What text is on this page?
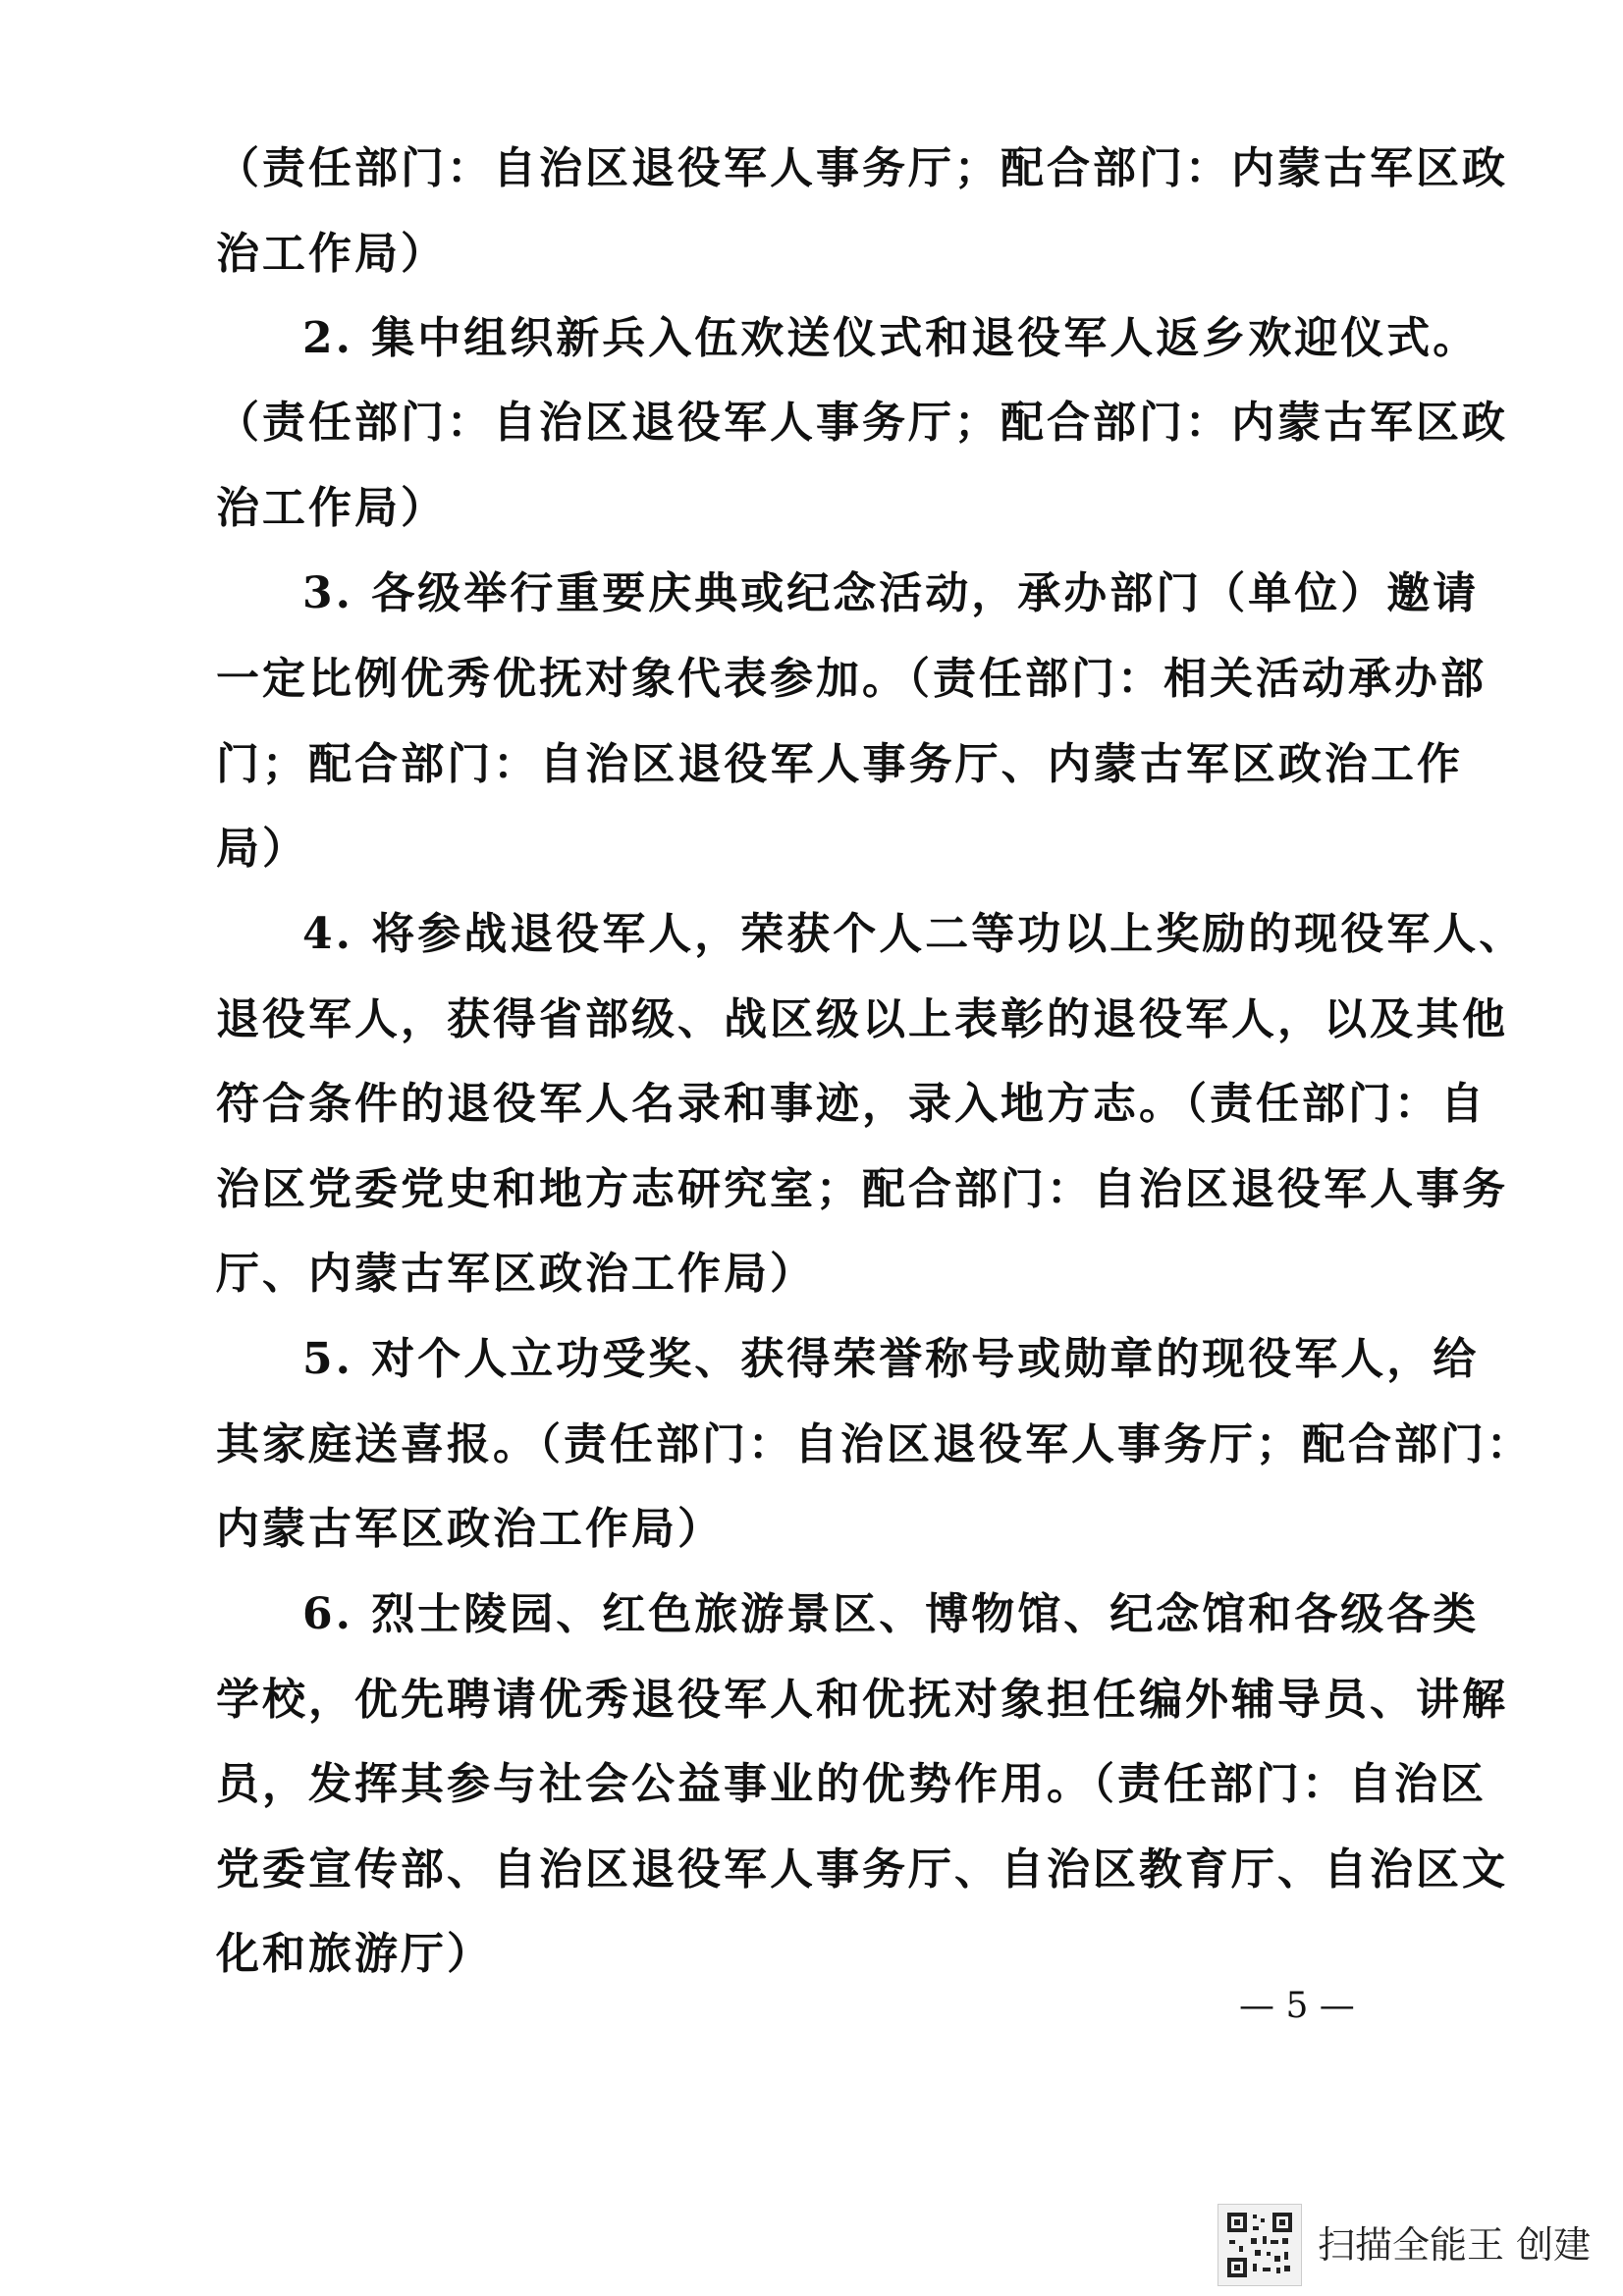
（责任部门：自治区退役军人事务厅；配合部门：内蒙古军区政
治工作局）
2. 集中组织新兵入伍欢送仪式和退役军人返乡欢迎仪式。
（责任部门：自治区退役军人事务厅；配合部门：内蒙古军区政
治工作局）
3. 各级举行重要庆典或纪念活动，承办部门（单位）邀请
一定比例优秀优抚对象代表参加。（责任部门：相关活动承办部
门；配合部门：自治区退役军人事务厅、内蒙古军区政治工作
局）
4. 将参战退役军人，荣获个人二等功以上奖励的现役军人、
退役军人，获得省部级、战区级以上表彰的退役军人，以及其他
符合条件的退役军人名录和事迹，录入地方志。（责任部门：自
治区党委党史和地方志研究室；配合部门：自治区退役军人事务
厅、内蒙古军区政治工作局）
5. 对个人立功受奖、获得荣誉称号或勋章的现役军人，给
其家庭送喜报。（责任部门：自治区退役军人事务厅；配合部门：
内蒙古军区政治工作局）
6. 烈士陵园、红色旅游景区、博物馆、纪念馆和各级各类
学校，优先聘请优秀退役军人和优抚对象担任编外辅导员、讲解
员，发挥其参与社会公益事业的优势作用。（责任部门：自治区
党委宣传部、自治区退役军人事务厅、自治区教育厅、自治区文
化和旅游厅）
— 5 —
扫描全能王 创建
